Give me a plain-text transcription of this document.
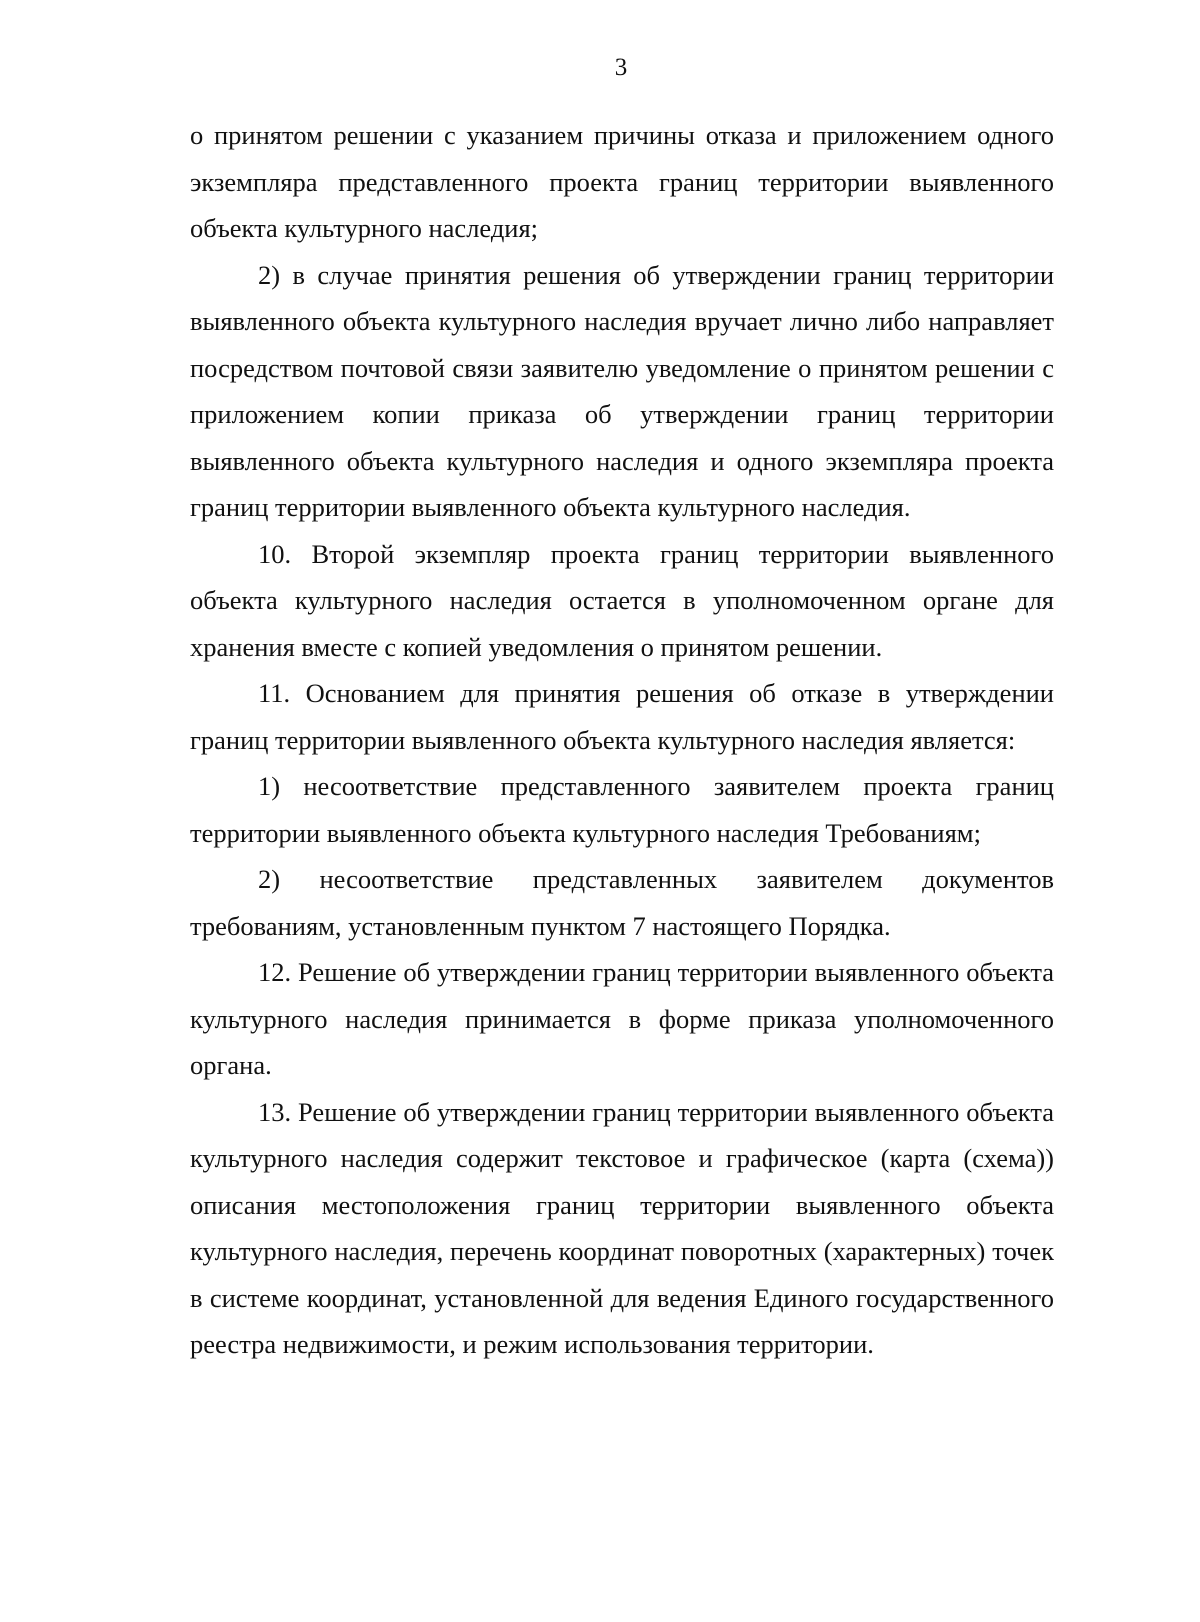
3

о принятом решении с указанием причины отказа и приложением одного экземпляра представленного проекта границ территории выявленного объекта культурного наследия;

2) в случае принятия решения об утверждении границ территории выявленного объекта культурного наследия вручает лично либо направляет посредством почтовой связи заявителю уведомление о принятом решении с приложением копии приказа об утверждении границ территории выявленного объекта культурного наследия и одного экземпляра проекта границ территории выявленного объекта культурного наследия.

10. Второй экземпляр проекта границ территории выявленного объекта культурного наследия остается в уполномоченном органе для хранения вместе с копией уведомления о принятом решении.

11. Основанием для принятия решения об отказе в утверждении границ территории выявленного объекта культурного наследия является:

1) несоответствие представленного заявителем проекта границ территории выявленного объекта культурного наследия Требованиям;

2) несоответствие представленных заявителем документов требованиям, установленным пунктом 7 настоящего Порядка.

12. Решение об утверждении границ территории выявленного объекта культурного наследия принимается в форме приказа уполномоченного органа.

13. Решение об утверждении границ территории выявленного объекта культурного наследия содержит текстовое и графическое (карта (схема)) описания местоположения границ территории выявленного объекта культурного наследия, перечень координат поворотных (характерных) точек в системе координат, установленной для ведения Единого государственного реестра недвижимости, и режим использования территории.
